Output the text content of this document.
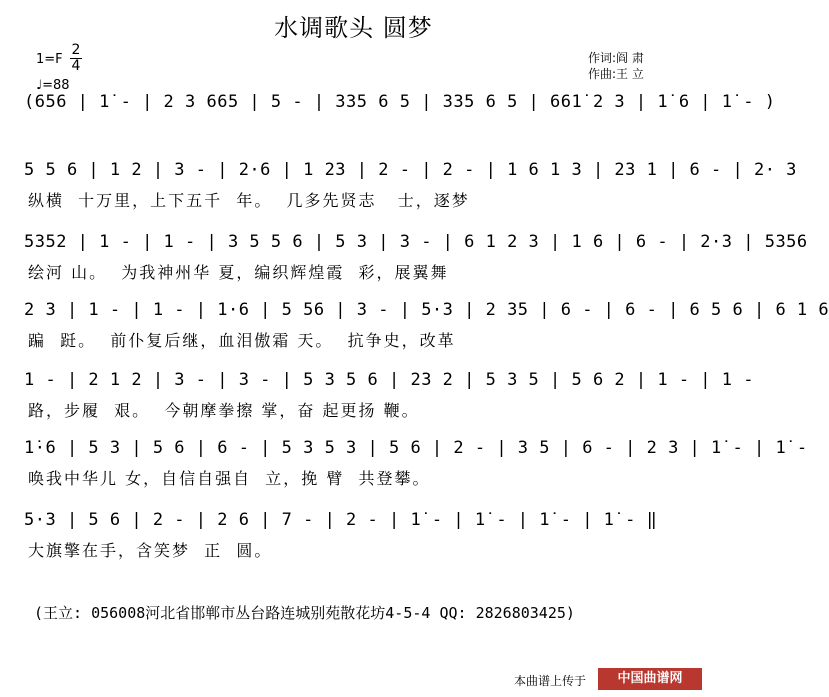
水调歌头 圆梦
1=F
2
4
♩=88
作词:阎 肃
作曲:王 立
(656 | 1̇ - | 2 3 665 | 5 - | 335 6 5 | 335 6 5 | 661̇ 2 3 | 1̇ 6 | 1̇ - )
5 5 6 | 1 2 | 3 - | 2·6 | 1 23 | 2 - | 2 - | 1 6 1 3 | 23 1 | 6 - | 2· 3
纵横  十万里，上下五千  年。  几多先贤志   士，逐梦
5352 | 1 - | 1 - | 3 5 5 6 | 5 3 | 3 - | 6 1 2 3 | 1 6 | 6 - | 2·3 | 5356
绘河 山。  为我神州华 夏，编织辉煌霞  彩，展翼舞
2 3 | 1 - | 1 - | 1·6 | 5 56 | 3 - | 5·3 | 2 35 | 6 - | 6 - | 6 5 6 | 6 1 6
蹁  跹。  前仆复后继，血泪傲霜 天。  抗争史，改革
1 - | 2 1 2 | 3 - | 3 - | 5 3 5 6 | 23 2 | 5 3 5 | 5 6 2 | 1 - | 1 -
路，步履  艰。  今朝摩拳擦 掌，奋 起更扬 鞭。
1̇·6 | 5 3 | 5 6 | 6 - | 5 3 5 3 | 5 6 | 2 - | 3 5 | 6 - | 2 3 | 1̇ - | 1̇ -
唤我中华儿 女，自信自强自  立，挽 臂  共登攀。
5·3 | 5 6 | 2 - | 2 6 | 7 - | 2 - | 1̇ - | 1̇ - | 1̇ - | 1̇ - ‖
大旗擎在手，含笑梦  正  圆。
(王立: 056008河北省邯郸市丛台路连城别苑散花坊4-5-4 QQ: 2826803425)
本曲谱上传于	中国曲谱网
